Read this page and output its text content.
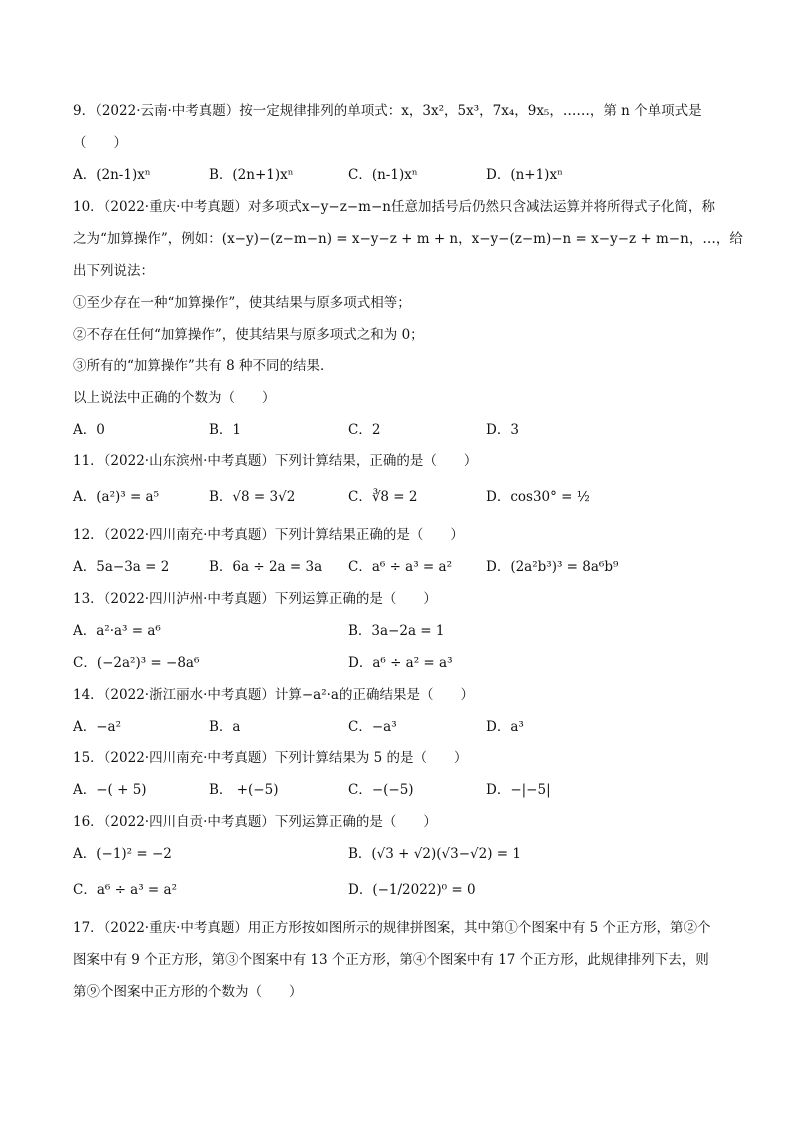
9．（2022·云南·中考真题）按一定规律排列的单项式：x，3x²，5x³，7x₄，9x₅，……，第 n 个单项式是
（　　）
A．(2n-1)xⁿ	B．(2n+1)xⁿ	C．(n-1)xⁿ	D．(n+1)xⁿ
10．（2022·重庆·中考真题）对多项式x−y−z−m−n任意加括号后仍然只含减法运算并将所得式子化简，称
之为“加算操作”，例如：(x−y)−(z−m−n) = x−y−z + m + n，x−y−(z−m)−n = x−y−z + m−n，…，给
出下列说法：
①至少存在一种“加算操作”，使其结果与原多项式相等；
②不存在任何“加算操作”，使其结果与原多项式之和为 0；
③所有的“加算操作”共有 8 种不同的结果．
以上说法中正确的个数为（　　）
A．0	B．1	C．2	D．3
11．（2022·山东滨州·中考真题）下列计算结果，正确的是（　　）
A．(a²)³ = a⁵	B．√8 = 3√2	C．∛8 = 2	D．cos30° = ½
12．（2022·四川南充·中考真题）下列计算结果正确的是（　　）
A．5a−3a = 2	B．6a ÷ 2a = 3a C．a⁶ ÷ a³ = a²	D．(2a²b³)³ = 8a⁶b⁹
13．（2022·四川泸州·中考真题）下列运算正确的是（　　）
A．a²·a³ = a⁶	B．3a−2a = 1
C．(−2a²)³ = −8a⁶	D．a⁶ ÷ a² = a³
14．（2022·浙江丽水·中考真题）计算−a²·a的正确结果是（　　）
A．−a²	B．a	C．−a³	D．a³
15．（2022·四川南充·中考真题）下列计算结果为 5 的是（　　）
A．−( + 5)	B． +(−5)	C．−(−5)	D．−|−5|
16．（2022·四川自贡·中考真题）下列运算正确的是（　　）
A．(−1)² = −2	B．(√3 + √2)(√3−√2) = 1
C．a⁶ ÷ a³ = a²	D．(−1/2022)⁰ = 0
17．（2022·重庆·中考真题）用正方形按如图所示的规律拼图案，其中第①个图案中有 5 个正方形，第②个
图案中有 9 个正方形，第③个图案中有 13 个正方形，第④个图案中有 17 个正方形，此规律排列下去，则
第⑨个图案中正方形的个数为（　　）
